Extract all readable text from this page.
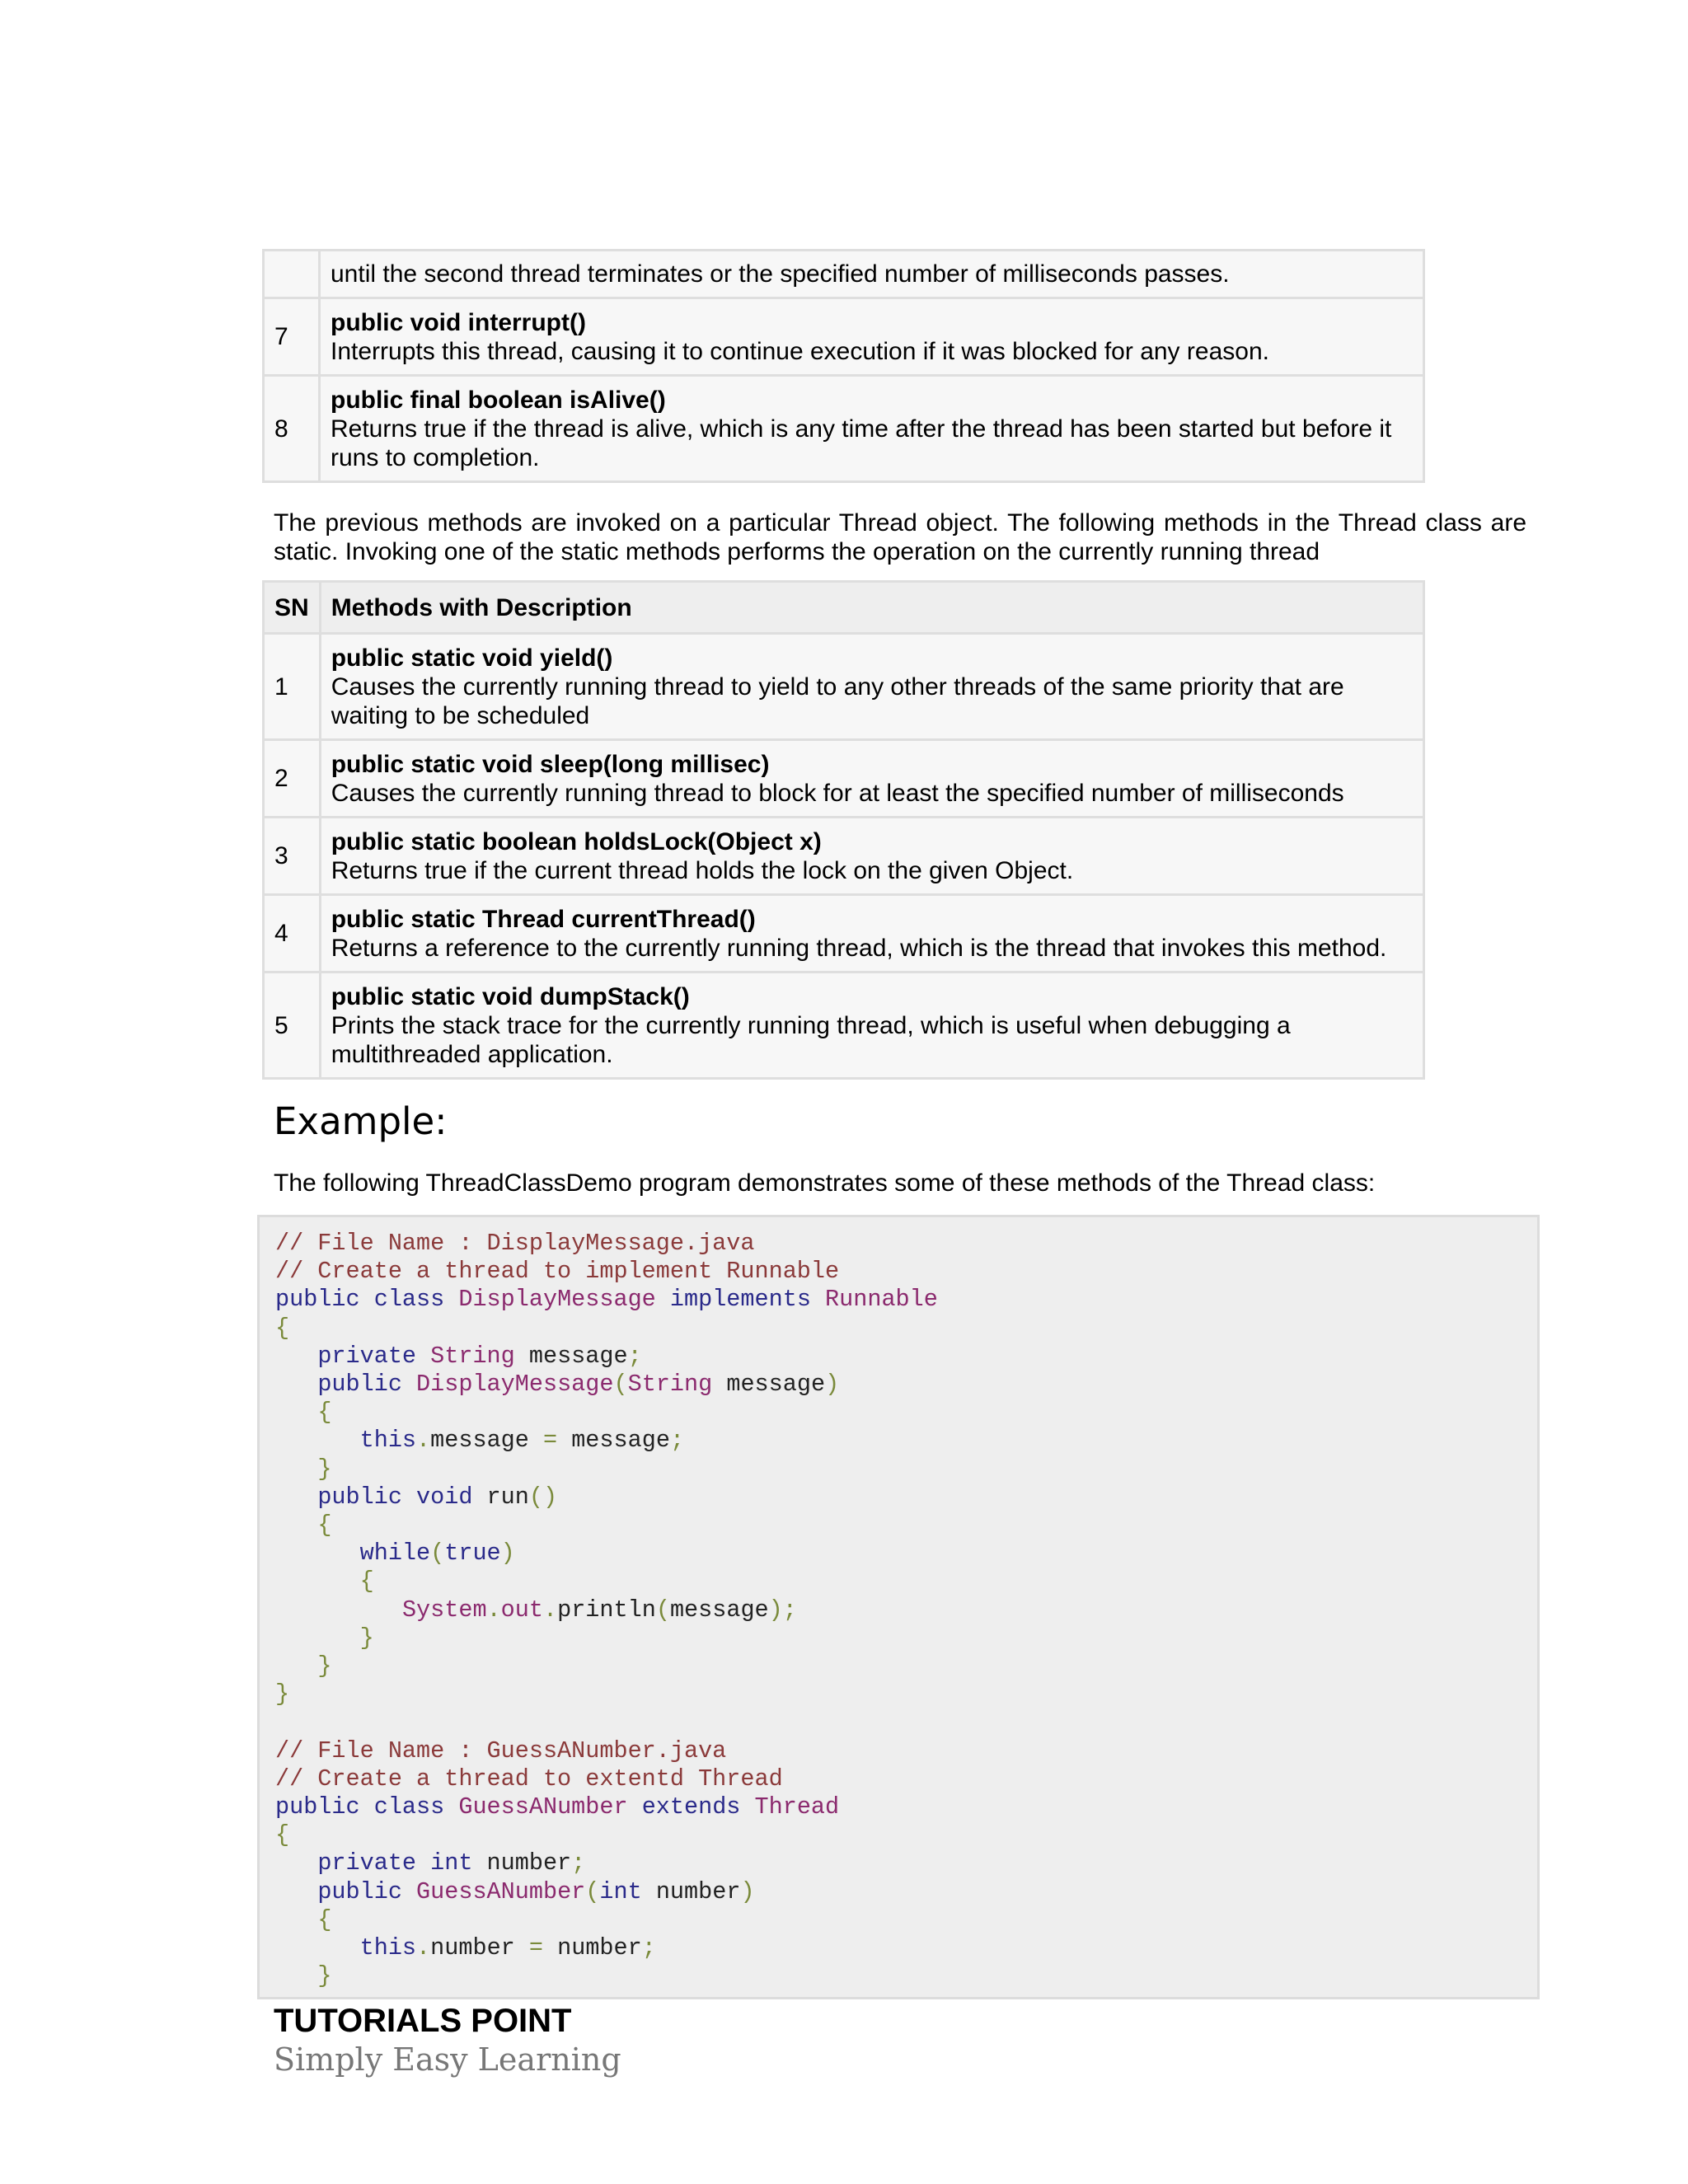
	until the second thread terminates or the specified number of milliseconds passes.

7	public void interrupt()
Interrupts this thread, causing it to continue execution if it was blocked for any reason.

8	public final boolean isAlive()
Returns true if the thread is alive, which is any time after the thread has been started but before it runs to completion.

The previous methods are invoked on a particular Thread object. The following methods in the Thread class are static. Invoking one of the static methods performs the operation on the currently running thread

SN	Methods with Description
1	public static void yield()
Causes the currently running thread to yield to any other threads of the same priority that are waiting to be scheduled

2	public static void sleep(long millisec)
Causes the currently running thread to block for at least the specified number of milliseconds

3	public static boolean holdsLock(Object x)
Returns true if the current thread holds the lock on the given Object.

4	public static Thread currentThread()
Returns a reference to the currently running thread, which is the thread that invokes this method.

5	public static void dumpStack()
Prints the stack trace for the currently running thread, which is useful when debugging a multithreaded application.
Example:

The following ThreadClassDemo program demonstrates some of these methods of the Thread class:

// File Name : DisplayMessage.java
// Create a thread to implement Runnable
public class DisplayMessage implements Runnable
{
private String message;
public DisplayMessage(String message)
{
this.message = message;
}
public void run()
{
while(true)
{
System.out.println(message);
}
}
}

// File Name : GuessANumber.java
// Create a thread to extentd Thread
public class GuessANumber extends Thread
{
private int number;
public GuessANumber(int number)
{
this.number = number;
}
TUTORIALS POINT
Simply Easy Learning
